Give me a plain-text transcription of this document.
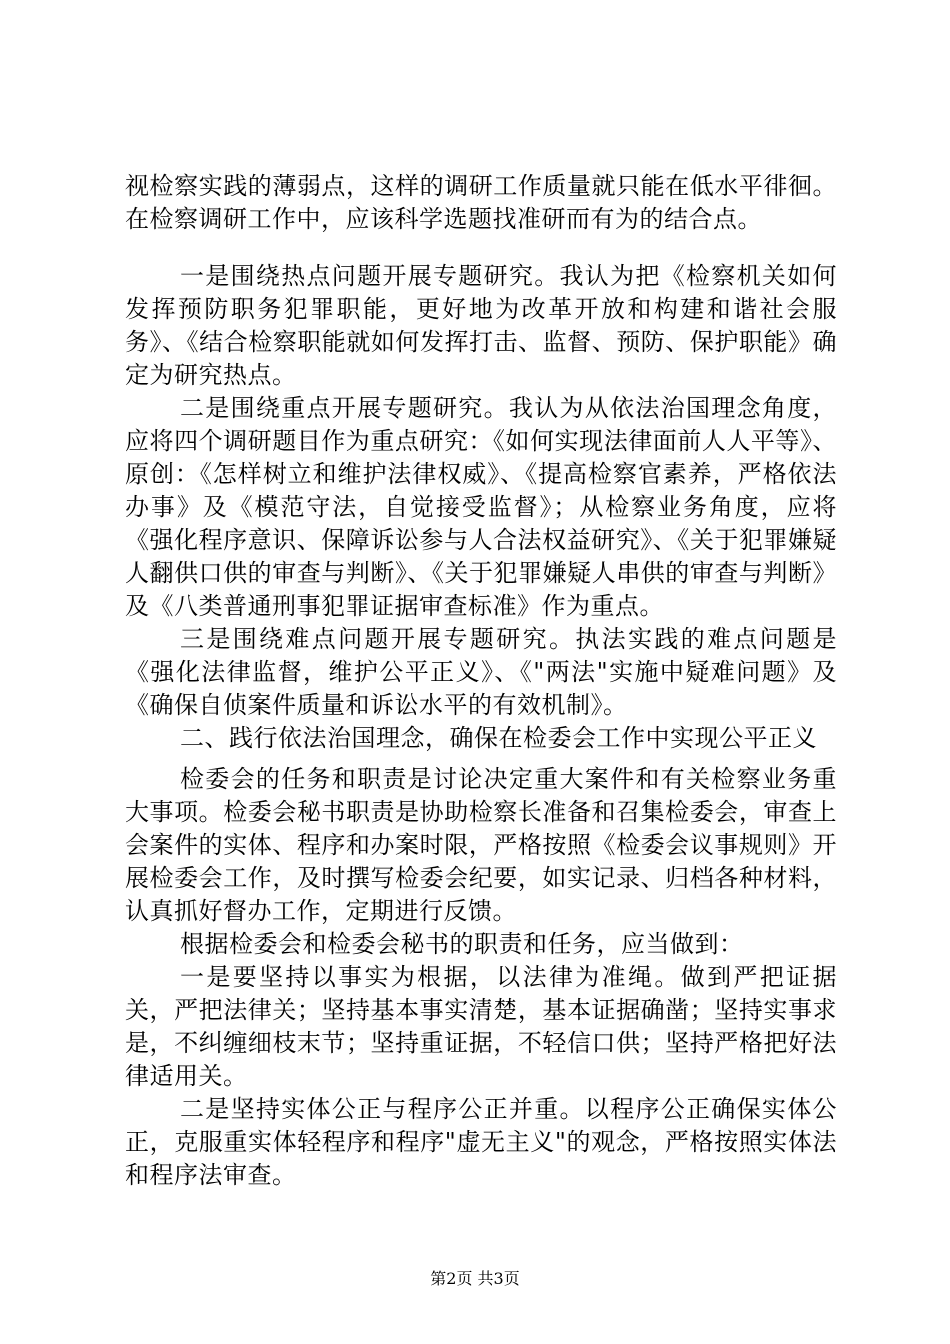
视检察实践的薄弱点，这样的调研工作质量就只能在低水平徘徊。在检察调研工作中，应该科学选题找准研而有为的结合点。

一是围绕热点问题开展专题研究。我认为把《检察机关如何发挥预防职务犯罪职能，更好地为改革开放和构建和谐社会服务》、《结合检察职能就如何发挥打击、监督、预防、保护职能》确定为研究热点。

二是围绕重点开展专题研究。我认为从依法治国理念角度，应将四个调研题目作为重点研究：《如何实现法律面前人人平等》、原创：《怎样树立和维护法律权威》、《提高检察官素养，严格依法办事》及《模范守法，自觉接受监督》；从检察业务角度，应将《强化程序意识、保障诉讼参与人合法权益研究》、《关于犯罪嫌疑人翻供口供的审查与判断》、《关于犯罪嫌疑人串供的审查与判断》及《八类普通刑事犯罪证据审查标准》作为重点。

三是围绕难点问题开展专题研究。执法实践的难点问题是《强化法律监督，维护公平正义》、《"两法"实施中疑难问题》及《确保自侦案件质量和诉讼水平的有效机制》。

二、践行依法治国理念，确保在检委会工作中实现公平正义

检委会的任务和职责是讨论决定重大案件和有关检察业务重大事项。检委会秘书职责是协助检察长准备和召集检委会，审查上会案件的实体、程序和办案时限，严格按照《检委会议事规则》开展检委会工作，及时撰写检委会纪要，如实记录、归档各种材料，认真抓好督办工作，定期进行反馈。

根据检委会和检委会秘书的职责和任务，应当做到：

一是要坚持以事实为根据，以法律为准绳。做到严把证据关，严把法律关；坚持基本事实清楚，基本证据确凿；坚持实事求是，不纠缠细枝末节；坚持重证据，不轻信口供；坚持严格把好法律适用关。

二是坚持实体公正与程序公正并重。以程序公正确保实体公正，克服重实体轻程序和程序"虚无主义"的观念，严格按照实体法和程序法审查。

第2页 共3页
